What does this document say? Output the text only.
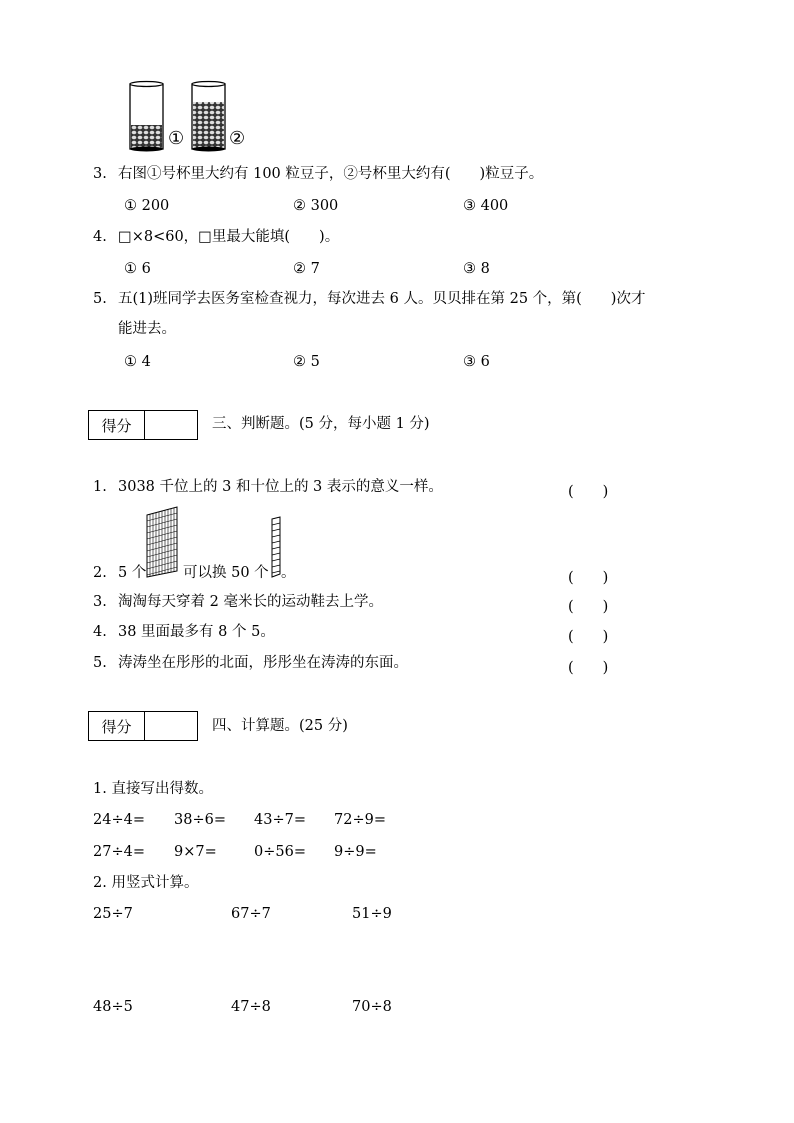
① ②
3. 右图①号杯里大约有 100 粒豆子，②号杯里大约有(　　)粒豆子。
① 200	② 300	③ 400
4. □×8<60，□里最大能填(　　)。
① 6	② 7	③ 8
5. 五(1)班同学去医务室检查视力，每次进去 6 人。贝贝排在第 25 个，第(　　)次才
能进去。
① 4	② 5	③ 6
得分	三、判断题。(5 分，每小题 1 分)
1. 3038 千位上的 3 和十位上的 3 表示的意义一样。	(　　)
2. 5 个	可以换 50 个 。	(　　)
3. 淘淘每天穿着 2 毫米长的运动鞋去上学。	(　　)
4. 38 里面最多有 8 个 5。	(　　)
5. 涛涛坐在彤彤的北面，彤彤坐在涛涛的东面。	(　　)
得分	四、计算题。(25 分)
1. 直接写出得数。
24÷4= 38÷6= 43÷7= 72÷9=
27÷4= 9×7=	0÷56= 9÷9=
2. 用竖式计算。
25÷7	67÷7	51÷9
48÷5	47÷8	70÷8
